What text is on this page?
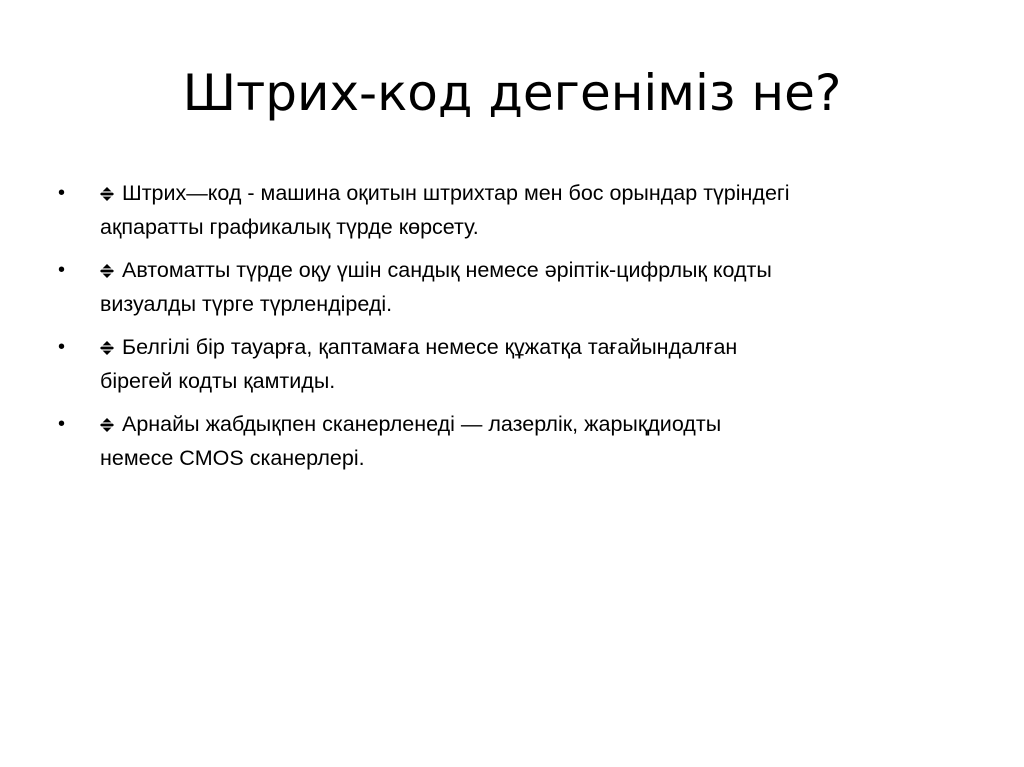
Штрих-код дегеніміз не?
•	Штрих—код - машина оқитын штрихтар мен бос орындар түріндегі
ақпаратты графикалық түрде көрсету.
•	Автоматты түрде оқу үшін сандық немесе әріптік-цифрлық кодты
визуалды түрге түрлендіреді.
•	Белгілі бір тауарға, қаптамаға немесе құжатқа тағайындалған
бірегей кодты қамтиды.
•	Арнайы жабдықпен сканерленеді — лазерлік, жарықдиодты
немесе CMOS сканерлері.
